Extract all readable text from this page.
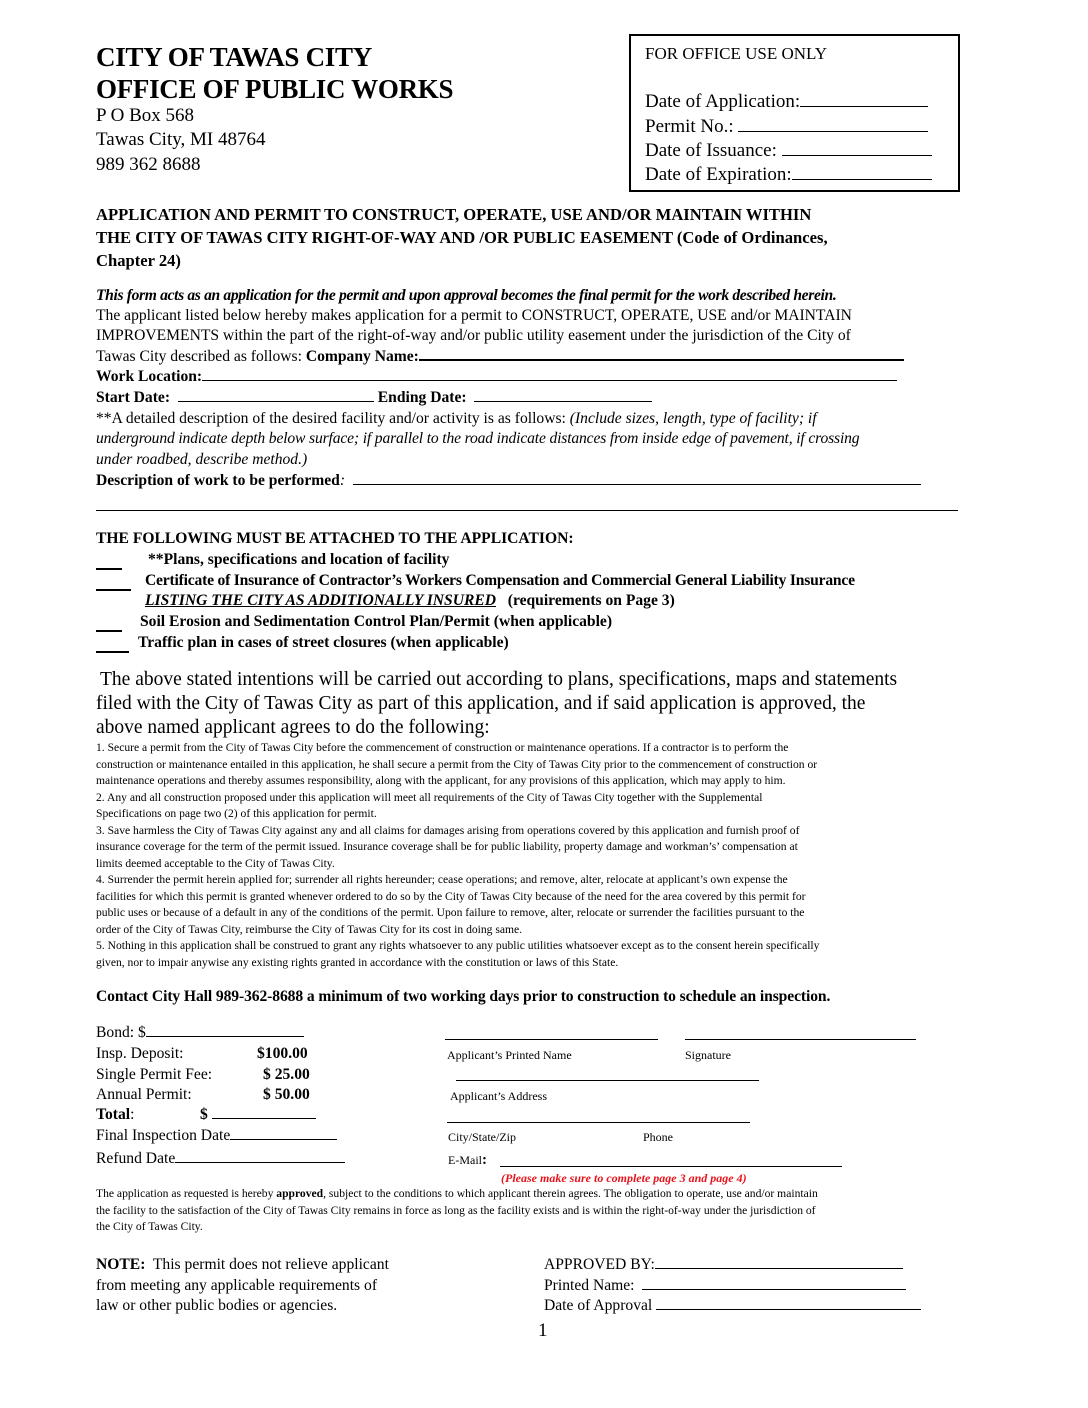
CITY OF TAWAS CITY
OFFICE OF PUBLIC WORKS
P O Box 568
Tawas City, MI 48764
989 362 8688
FOR OFFICE USE ONLY
Date of Application:
Permit No.:
Date of Issuance:
Date of Expiration:
APPLICATION AND PERMIT TO CONSTRUCT, OPERATE, USE AND/OR MAINTAIN WITHIN
THE CITY OF TAWAS CITY RIGHT-OF-WAY AND /OR PUBLIC EASEMENT (Code of Ordinances,
Chapter 24)
This form acts as an application for the permit and upon approval becomes the final permit for the work described herein.
The applicant listed below hereby makes application for a permit to CONSTRUCT, OPERATE, USE and/or MAINTAIN
IMPROVEMENTS within the part of the right-of-way and/or public utility easement under the jurisdiction of the City of
Tawas City described as follows: Company Name:
Work Location:
Start Date:	Ending Date:
**A detailed description of the desired facility and/or activity is as follows: (Include sizes, length, type of facility; if
underground indicate depth below surface; if parallel to the road indicate distances from inside edge of pavement, if crossing
under roadbed, describe method.)
Description of work to be performed:
THE FOLLOWING MUST BE ATTACHED TO THE APPLICATION:
**Plans, specifications and location of facility
Certificate of Insurance of Contractor’s Workers Compensation and Commercial General Liability Insurance
LISTING THE CITY AS ADDITIONALLY INSURED (requirements on Page 3)
Soil Erosion and Sedimentation Control Plan/Permit (when applicable)
Traffic plan in cases of street closures (when applicable)
The above stated intentions will be carried out according to plans, specifications, maps and statements
filed with the City of Tawas City as part of this application, and if said application is approved, the
above named applicant agrees to do the following:
1. Secure a permit from the City of Tawas City before the commencement of construction or maintenance operations. If a contractor is to perform the
construction or maintenance entailed in this application, he shall secure a permit from the City of Tawas City prior to the commencement of construction or
maintenance operations and thereby assumes responsibility, along with the applicant, for any provisions of this application, which may apply to him.
2. Any and all construction proposed under this application will meet all requirements of the City of Tawas City together with the Supplemental
Specifications on page two (2) of this application for permit.
3. Save harmless the City of Tawas City against any and all claims for damages arising from operations covered by this application and furnish proof of
insurance coverage for the term of the permit issued. Insurance coverage shall be for public liability, property damage and workman’s’ compensation at
limits deemed acceptable to the City of Tawas City.
4. Surrender the permit herein applied for; surrender all rights hereunder; cease operations; and remove, alter, relocate at applicant’s own expense the
facilities for which this permit is granted whenever ordered to do so by the City of Tawas City because of the need for the area covered by this permit for
public uses or because of a default in any of the conditions of the permit. Upon failure to remove, alter, relocate or surrender the facilities pursuant to the
order of the City of Tawas City, reimburse the City of Tawas City for its cost in doing same.
5. Nothing in this application shall be construed to grant any rights whatsoever to any public utilities whatsoever except as to the consent herein specifically
given, nor to impair anywise any existing rights granted in accordance with the constitution or laws of this State.
Contact City Hall 989-362-8688 a minimum of two working days prior to construction to schedule an inspection.
Bond: $
Insp. Deposit:	$100.00
Single Permit Fee:	$ 25.00
Annual Permit:	$ 50.00
Total:	$
Final Inspection Date
Refund Date
Applicant’s Printed Name	Signature
Applicant’s Address
City/State/Zip	Phone
E-Mail:
(Please make sure to complete page 3 and page 4)
The application as requested is hereby approved, subject to the conditions to which applicant therein agrees. The obligation to operate, use and/or maintain
the facility to the satisfaction of the City of Tawas City remains in force as long as the facility exists and is within the right-of-way under the jurisdiction of
the City of Tawas City.
NOTE:  This permit does not relieve applicant
from meeting any applicable requirements of
law or other public bodies or agencies.
APPROVED BY:
Printed Name:
Date of Approval
1
